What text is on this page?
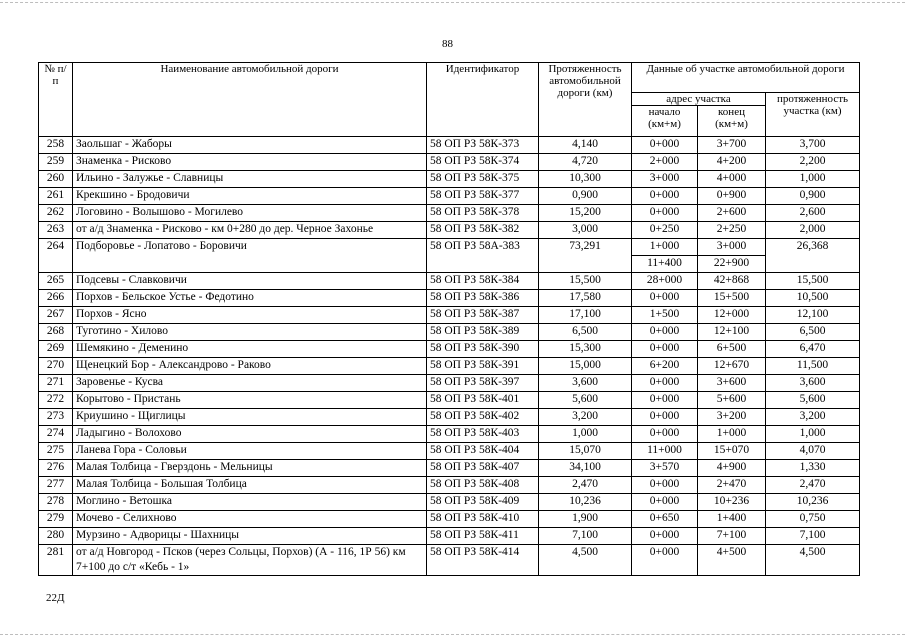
88
№ п/п	Наименование автомобильной дороги	Идентификатор	Протяженность автомобильной дороги (км)	Данные об участке автомобильной дороги		
				адрес участка		протяженность участка (км)
				начало (км+м)	конец (км+м)	
258	Заольшаг - Жаборы	58 ОП РЗ 58К-373	4,140	0+000	3+700	3,700
259	Знаменка - Рисково	58 ОП РЗ 58К-374	4,720	2+000	4+200	2,200
260	Ильино - Залужье - Славницы	58 ОП РЗ 58К-375	10,300	3+000	4+000	1,000
261	Крекшино - Бродовичи	58 ОП РЗ 58К-377	0,900	0+000	0+900	0,900
262	Логовино - Волышово - Могилево	58 ОП РЗ 58К-378	15,200	0+000	2+600	2,600
263	от а/д Знаменка - Рисково - км 0+280 до дер. Черное Захонье	58 ОП РЗ 58К-382	3,000	0+250	2+250	2,000
264	Подборовье - Лопатово - Боровичи	58 ОП РЗ 58А-383	73,291	1+000	3+000	26,368
				11+400	22+900	
265	Подсевы - Славковичи	58 ОП РЗ 58К-384	15,500	28+000	42+868	15,500
266	Порхов - Бельское Устье - Федотино	58 ОП РЗ 58К-386	17,580	0+000	15+500	10,500
267	Порхов - Ясно	58 ОП РЗ 58К-387	17,100	1+500	12+000	12,100
268	Туготино - Хилово	58 ОП РЗ 58К-389	6,500	0+000	12+100	6,500
269	Шемякино - Деменино	58 ОП РЗ 58К-390	15,300	0+000	6+500	6,470
270	Щенецкий Бор - Александрово - Раково	58 ОП РЗ 58К-391	15,000	6+200	12+670	11,500
271	Заровенье - Кусва	58 ОП РЗ 58К-397	3,600	0+000	3+600	3,600
272	Корытово - Пристань	58 ОП РЗ 58К-401	5,600	0+000	5+600	5,600
273	Криушино - Щиглицы	58 ОП РЗ 58К-402	3,200	0+000	3+200	3,200
274	Ладыгино - Волохово	58 ОП РЗ 58К-403	1,000	0+000	1+000	1,000
275	Ланева Гора - Соловьи	58 ОП РЗ 58К-404	15,070	11+000	15+070	4,070
276	Малая Толбица - Гверздонь - Мельницы	58 ОП РЗ 58К-407	34,100	3+570	4+900	1,330
277	Малая Толбица - Большая Толбица	58 ОП РЗ 58К-408	2,470	0+000	2+470	2,470
278	Моглино - Ветошка	58 ОП РЗ 58К-409	10,236	0+000	10+236	10,236
279	Мочево - Селихново	58 ОП РЗ 58К-410	1,900	0+650	1+400	0,750
280	Мурзино - Адворицы - Шахницы	58 ОП РЗ 58К-411	7,100	0+000	7+100	7,100
281	от а/д Новгород - Псков (через Сольцы, Порхов) (А - 116, 1Р 56) км 7+100 до с/т «Кебь - 1»	58 ОП РЗ 58К-414	4,500	0+000	4+500	4,500
22Д
